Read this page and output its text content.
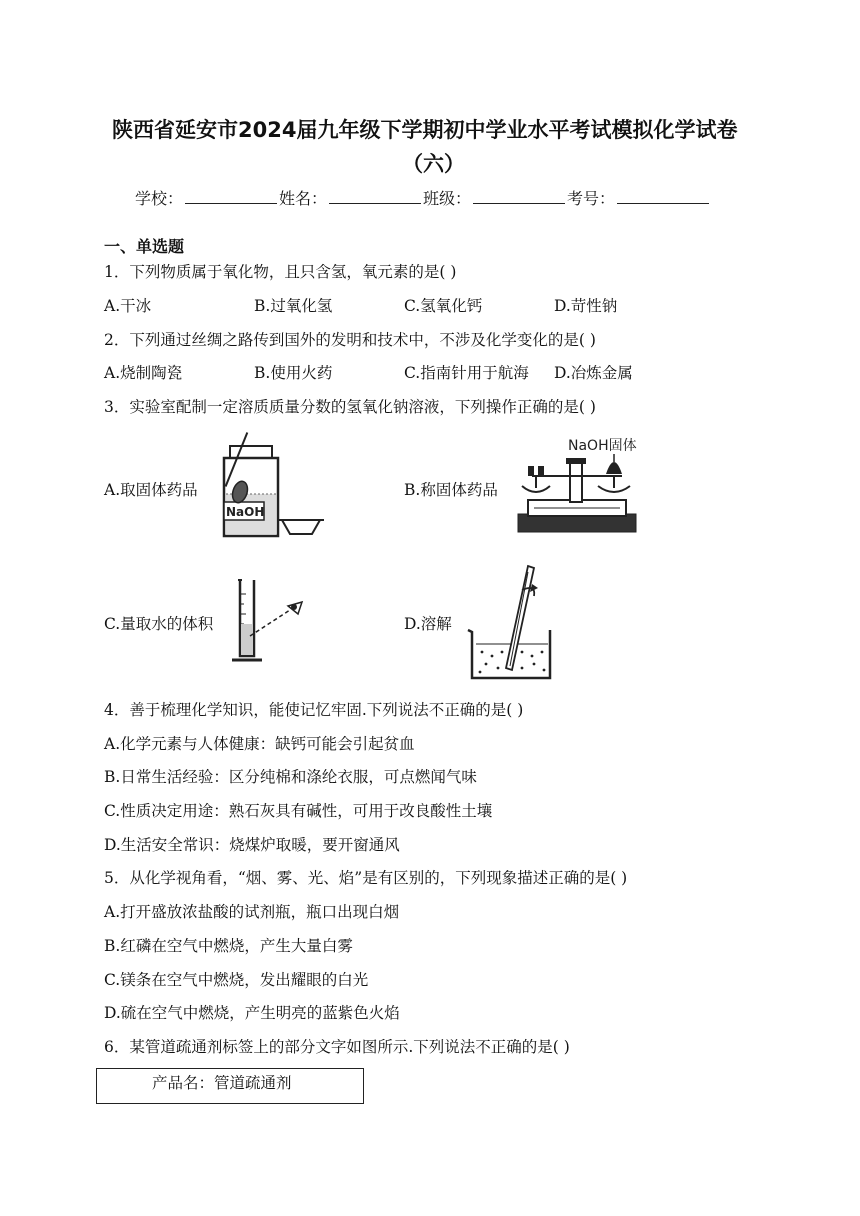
陕西省延安市2024届九年级下学期初中学业水平考试模拟化学试卷
（六）
学校：	姓名：	班级：	考号：
一、单选题
1．下列物质属于氧化物，且只含氢，氧元素的是( )
A.干冰	B.过氧化氢	C.氢氧化钙	D.苛性钠
2．下列通过丝绸之路传到国外的发明和技术中，不涉及化学变化的是( )
A.烧制陶瓷	B.使用火药	C.指南针用于航海 D.冶炼金属
3．实验室配制一定溶质质量分数的氢氧化钠溶液，下列操作正确的是( )
A.取固体药品	B.称固体药品
C.量取水的体积	D.溶解
NaOH
NaOH固体
4．善于梳理化学知识，能使记忆牢固.下列说法不正确的是( )
A.化学元素与人体健康：缺钙可能会引起贫血
B.日常生活经验：区分纯棉和涤纶衣服，可点燃闻气味
C.性质决定用途：熟石灰具有碱性，可用于改良酸性土壤
D.生活安全常识：烧煤炉取暖，要开窗通风
5．从化学视角看，“烟、雾、光、焰”是有区别的，下列现象描述正确的是( )
A.打开盛放浓盐酸的试剂瓶，瓶口出现白烟
B.红磷在空气中燃烧，产生大量白雾
C.镁条在空气中燃烧，发出耀眼的白光
D.硫在空气中燃烧，产生明亮的蓝紫色火焰
6．某管道疏通剂标签上的部分文字如图所示.下列说法不正确的是( )
产品名：管道疏通剂
